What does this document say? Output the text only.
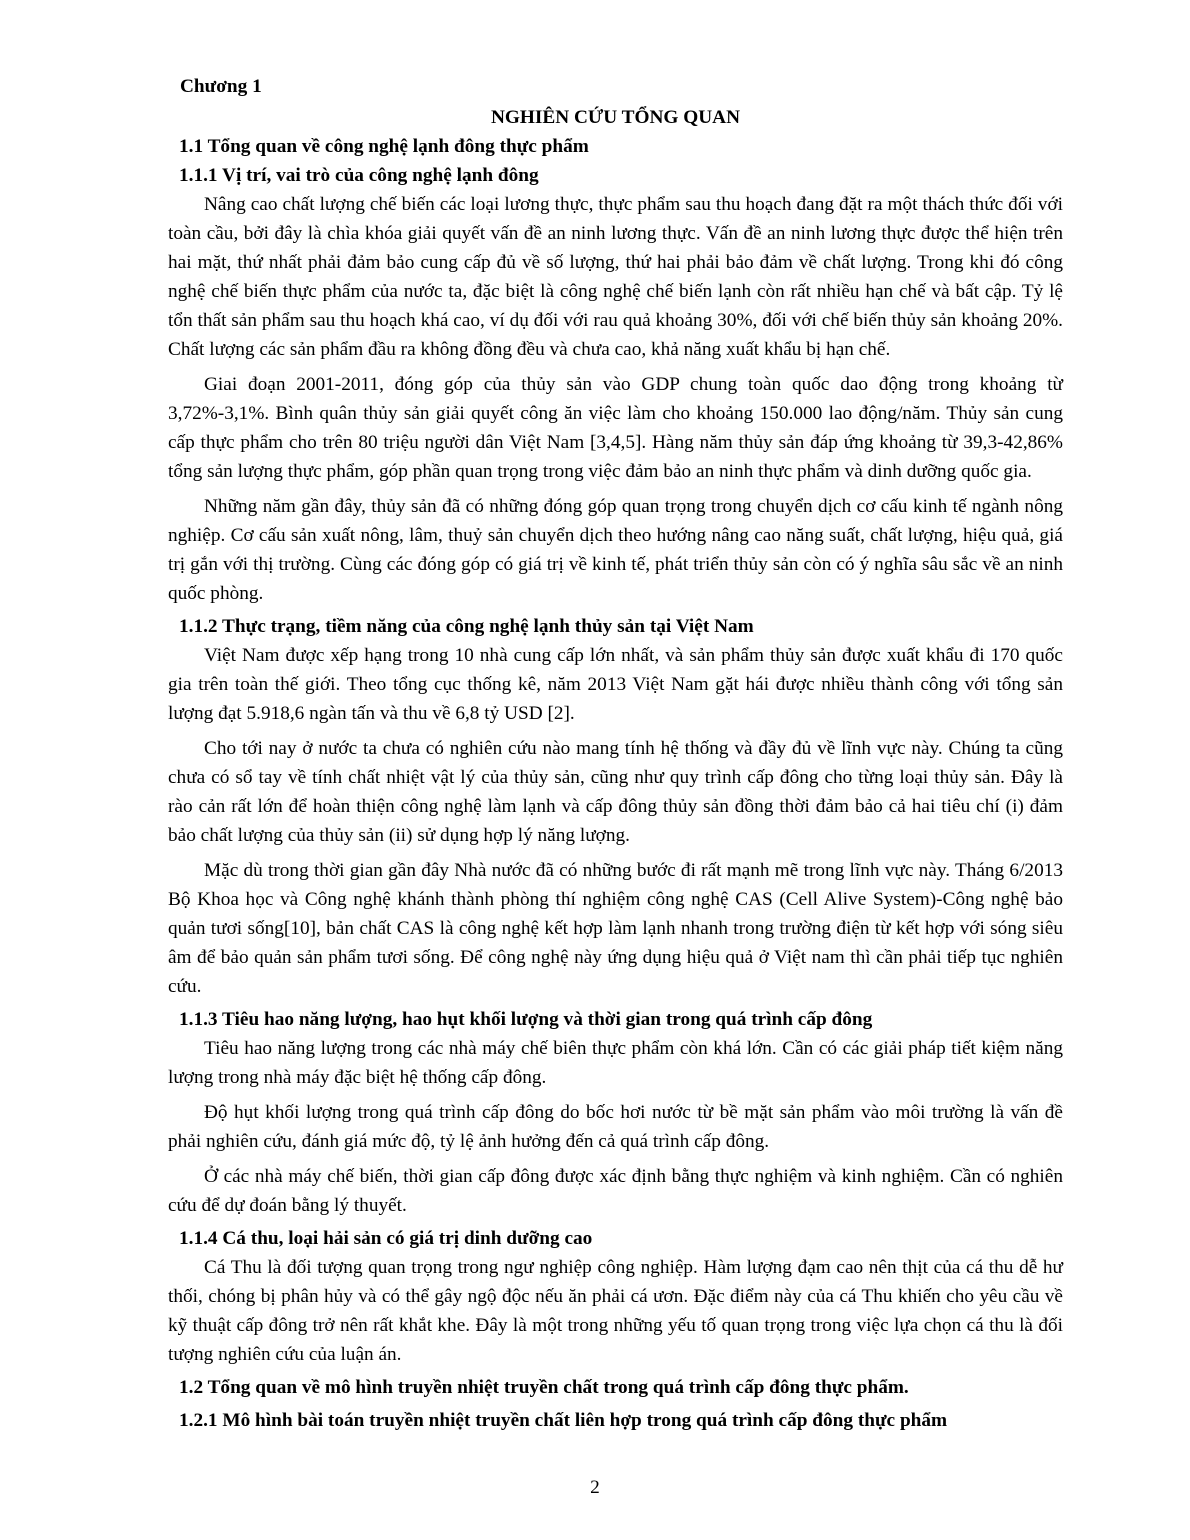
Chương 1
NGHIÊN CỨU TỔNG QUAN
1.1 Tổng quan về công nghệ lạnh đông thực phẩm
1.1.1 Vị trí, vai trò của công nghệ lạnh đông

Nâng cao chất lượng chế biến các loại lương thực, thực phẩm sau thu hoạch đang đặt ra một thách thức đối với toàn cầu, bởi đây là chìa khóa giải quyết vấn đề an ninh lương thực. Vấn đề an ninh lương thực được thể hiện trên hai mặt, thứ nhất phải đảm bảo cung cấp đủ về số lượng, thứ hai phải bảo đảm về chất lượng. Trong khi đó công nghệ chế biến thực phẩm của nước ta, đặc biệt là công nghệ chế biến lạnh còn rất nhiều hạn chế và bất cập. Tỷ lệ tổn thất sản phẩm sau thu hoạch khá cao, ví dụ đối với rau quả khoảng 30%, đối với chế biến thủy sản khoảng 20%. Chất lượng các sản phẩm đầu ra không đồng đều và chưa cao, khả năng xuất khẩu bị hạn chế.

Giai đoạn 2001-2011, đóng góp của thủy sản vào GDP chung toàn quốc dao động trong khoảng từ 3,72%-3,1%. Bình quân thủy sản giải quyết công ăn việc làm cho khoảng 150.000 lao động/năm. Thủy sản cung cấp thực phẩm cho trên 80 triệu người dân Việt Nam [3,4,5]. Hàng năm thủy sản đáp ứng khoảng từ 39,3-42,86% tổng sản lượng thực phẩm, góp phần quan trọng trong việc đảm bảo an ninh thực phẩm và dinh dưỡng quốc gia.

Những năm gần đây, thủy sản đã có những đóng góp quan trọng trong chuyển dịch cơ cấu kinh tế ngành nông nghiệp. Cơ cấu sản xuất nông, lâm, thuỷ sản chuyển dịch theo hướng nâng cao năng suất, chất lượng, hiệu quả, giá trị gắn với thị trường. Cùng các đóng góp có giá trị về kinh tế, phát triển thủy sản còn có ý nghĩa sâu sắc về an ninh quốc phòng.

1.1.2 Thực trạng, tiềm năng của công nghệ lạnh thủy sản tại Việt Nam

Việt Nam được xếp hạng trong 10 nhà cung cấp lớn nhất, và sản phẩm thủy sản được xuất khẩu đi 170 quốc gia trên toàn thế giới. Theo tổng cục thống kê, năm 2013 Việt Nam gặt hái được nhiều thành công với tổng sản lượng đạt 5.918,6 ngàn tấn và thu về 6,8 tỷ USD [2].

Cho tới nay ở nước ta chưa có nghiên cứu nào mang tính hệ thống và đầy đủ về lĩnh vực này. Chúng ta cũng chưa có sổ tay về tính chất nhiệt vật lý của thủy sản, cũng như quy trình cấp đông cho từng loại thủy sản. Đây là rào cản rất lớn để hoàn thiện công nghệ làm lạnh và cấp đông thủy sản đồng thời đảm bảo cả hai tiêu chí (i) đảm bảo chất lượng của thủy sản (ii) sử dụng hợp lý năng lượng.

Mặc dù trong thời gian gần đây Nhà nước đã có những bước đi rất mạnh mẽ trong lĩnh vực này. Tháng 6/2013 Bộ Khoa học và Công nghệ khánh thành phòng thí nghiệm công nghệ CAS (Cell Alive System)-Công nghệ bảo quản tươi sống[10], bản chất CAS là công nghệ kết hợp làm lạnh nhanh trong trường điện từ kết hợp với sóng siêu âm để bảo quản sản phẩm tươi sống. Để công nghệ này ứng dụng hiệu quả ở Việt nam thì cần phải tiếp tục nghiên cứu.

1.1.3 Tiêu hao năng lượng, hao hụt khối lượng và thời gian trong quá trình cấp đông

Tiêu hao năng lượng trong các nhà máy chế biên thực phẩm còn khá lớn. Cần có các giải pháp tiết kiệm năng lượng trong nhà máy đặc biệt hệ thống cấp đông.

Độ hụt khối lượng trong quá trình cấp đông do bốc hơi nước từ bề mặt sản phẩm vào môi trường là vấn đề phải nghiên cứu, đánh giá mức độ, tỷ lệ ảnh hưởng đến cả quá trình cấp đông.

Ở các nhà máy chế biến, thời gian cấp đông được xác định bằng thực nghiệm và kinh nghiệm. Cần có nghiên cứu để dự đoán bằng lý thuyết.

1.1.4 Cá thu, loại hải sản có giá trị dinh dưỡng cao

Cá Thu là đối tượng quan trọng trong ngư nghiệp công nghiệp. Hàm lượng đạm cao nên thịt của cá thu dễ hư thối, chóng bị phân hủy và có thể gây ngộ độc nếu ăn phải cá ươn. Đặc điểm này của cá Thu khiến cho yêu cầu về kỹ thuật cấp đông trở nên rất khắt khe. Đây là một trong những yếu tố quan trọng trong việc lựa chọn cá thu là đối tượng nghiên cứu của luận án.

1.2 Tổng quan về mô hình truyền nhiệt truyền chất trong quá trình cấp đông thực phẩm.
1.2.1 Mô hình bài toán truyền nhiệt truyền chất liên hợp trong quá trình cấp đông thực phẩm
2
